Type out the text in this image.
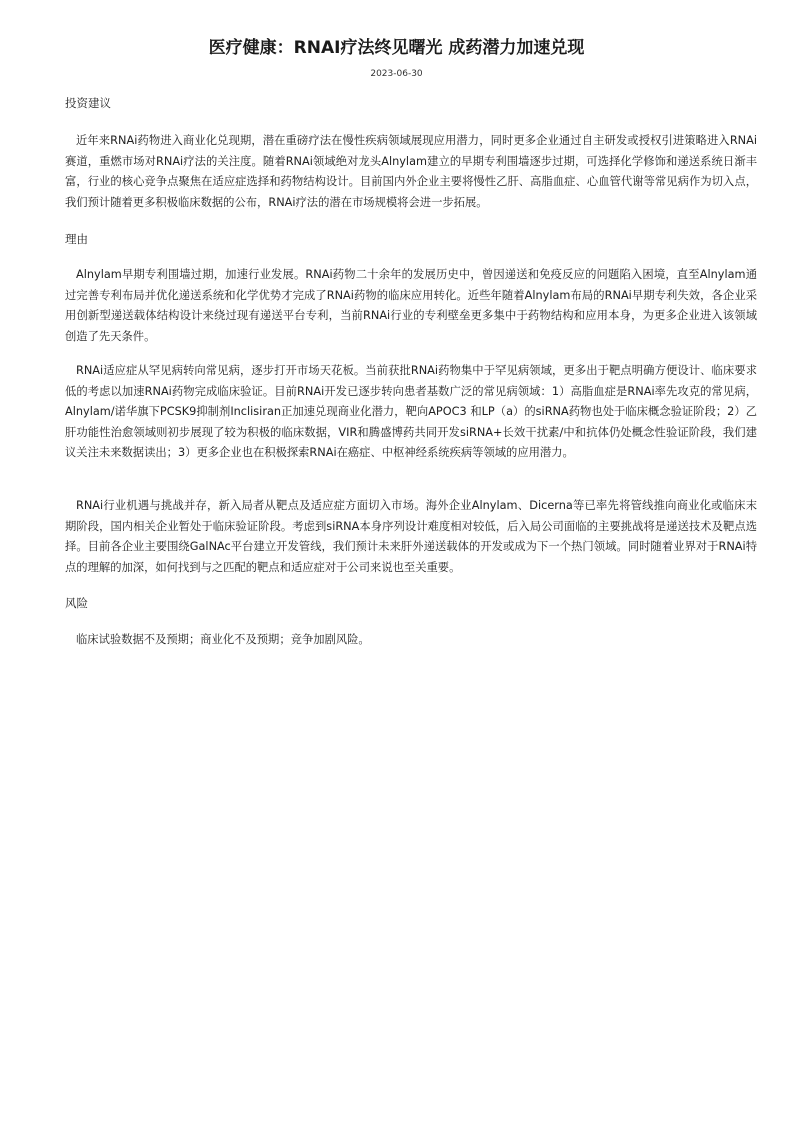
医疗健康：RNAI疗法终见曙光 成药潜力加速兑现
2023-06-30
投资建议
近年来RNAi药物进入商业化兑现期，潜在重磅疗法在慢性疾病领域展现应用潜力，同时更多企业通过自主研发或授权引进策略进入RNAi赛道，重燃市场对RNAi疗法的关注度。随着RNAi领域绝对龙头Alnylam建立的早期专利围墙逐步过期，可选择化学修饰和递送系统日渐丰富，行业的核心竞争点聚焦在适应症选择和药物结构设计。目前国内外企业主要将慢性乙肝、高脂血症、心血管代谢等常见病作为切入点，我们预计随着更多积极临床数据的公布，RNAi疗法的潜在市场规模将会进一步拓展。
理由
Alnylam早期专利围墙过期，加速行业发展。RNAi药物二十余年的发展历史中，曾因递送和免疫反应的问题陷入困境，直至Alnylam通过完善专利布局并优化递送系统和化学优势才完成了RNAi药物的临床应用转化。近些年随着Alnylam布局的RNAi早期专利失效，各企业采用创新型递送载体结构设计来绕过现有递送平台专利，当前RNAi行业的专利壁垒更多集中于药物结构和应用本身，为更多企业进入该领域创造了先天条件。
RNAi适应症从罕见病转向常见病，逐步打开市场天花板。当前获批RNAi药物集中于罕见病领域，更多出于靶点明确方便设计、临床要求低的考虑以加速RNAi药物完成临床验证。目前RNAi开发已逐步转向患者基数广泛的常见病领域：1）高脂血症是RNAi率先攻克的常见病，Alnylam/诺华旗下PCSK9抑制剂Inclisiran正加速兑现商业化潜力，靶向APOC3 和LP（a）的siRNA药物也处于临床概念验证阶段；2）乙肝功能性治愈领域则初步展现了较为积极的临床数据，VIR和腾盛博药共同开发siRNA+长效干扰素/中和抗体仍处概念性验证阶段，我们建议关注未来数据读出；3）更多企业也在积极探索RNAi在癌症、中枢神经系统疾病等领域的应用潜力。
RNAi行业机遇与挑战并存，新入局者从靶点及适应症方面切入市场。海外企业Alnylam、Dicerna等已率先将管线推向商业化或临床末期阶段，国内相关企业暂处于临床验证阶段。考虑到siRNA本身序列设计难度相对较低，后入局公司面临的主要挑战将是递送技术及靶点选择。目前各企业主要围绕GalNAc平台建立开发管线，我们预计未来肝外递送载体的开发或成为下一个热门领域。同时随着业界对于RNAi特点的理解的加深，如何找到与之匹配的靶点和适应症对于公司来说也至关重要。
风险
临床试验数据不及预期；商业化不及预期；竞争加剧风险。
